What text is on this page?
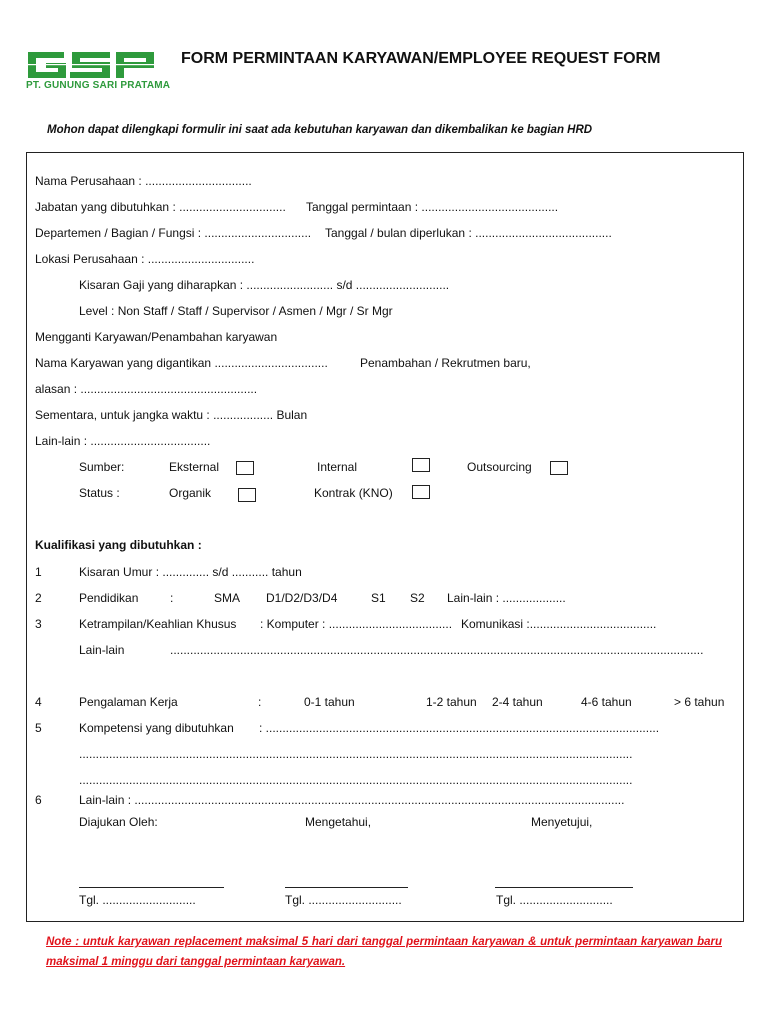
PT. GUNUNG SARI PRATAMA
FORM PERMINTAAN KARYAWAN/EMPLOYEE REQUEST FORM
Mohon dapat dilengkapi formulir ini saat ada kebutuhan karyawan dan dikembalikan ke bagian HRD
Nama Perusahaan : ................................
Jabatan yang dibutuhkan : ................................ Tanggal permintaan : .........................................
Departemen / Bagian / Fungsi : ................................ Tanggal / bulan diperlukan : .........................................
Lokasi Perusahaan : ................................
Kisaran Gaji yang diharapkan : .......................... s/d ............................
Level : Non Staff / Staff / Supervisor / Asmen / Mgr / Sr Mgr
Mengganti Karyawan/Penambahan karyawan
Nama Karyawan yang digantikan ..................................	Penambahan / Rekrutmen baru,
alasan : .....................................................
Sementara, untuk jangka waktu : .................. Bulan
Lain-lain : ....................................
Sumber:	Eksternal	Internal	Outsourcing
Status :	Organik	Kontrak (KNO)
Kualifikasi yang dibutuhkan :
1	Kisaran Umur : .............. s/d ........... tahun
2	Pendidikan	:	SMA D1/D2/D3/D4	S1 S2 Lain-lain : ...................
3	Ketrampilan/Keahlian Khusus : Komputer : ..................................... Komunikasi :......................................
Lain-lain	................................................................................................................................................................
4	Pengalaman Kerja	:	0-1 tahun	1-2 tahun 2-4 tahun	4-6 tahun	> 6 tahun
5	Kompetensi yang dibutuhkan : ......................................................................................................................
......................................................................................................................................................................
......................................................................................................................................................................
6	Lain-lain : ...................................................................................................................................................
Diajukan Oleh:	Mengetahui,	Menyetujui,
Tgl. ............................	Tgl. ............................	Tgl. ............................
Note : untuk karyawan replacement maksimal 5 hari dari tanggal permintaan karyawan & untuk permintaan karyawan baru maksimal 1 minggu dari tanggal permintaan karyawan.
